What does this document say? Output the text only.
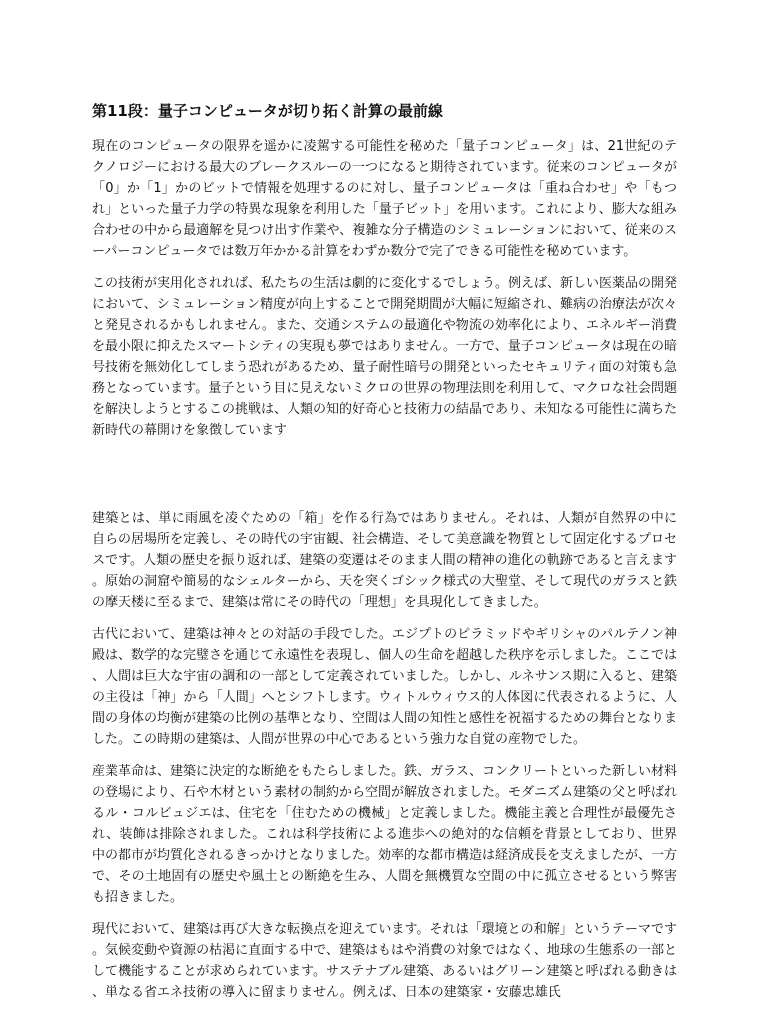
第11段：量子コンピュータが切り拓く計算の最前線

現在のコンピュータの限界を遥かに凌駕する可能性を秘めた「量子コンピュータ」は、21世紀のテクノロジーにおける最大のブレークスルーの一つになると期待されています。従来のコンピュータが「0」か「1」かのビットで情報を処理するのに対し、量子コンピュータは「重ね合わせ」や「もつれ」といった量子力学の特異な現象を利用した「量子ビット」を用います。これにより、膨大な組み合わせの中から最適解を見つけ出す作業や、複雑な分子構造のシミュレーションにおいて、従来のスーパーコンピュータでは数万年かかる計算をわずか数分で完了できる可能性を秘めています。

この技術が実用化されれば、私たちの生活は劇的に変化するでしょう。例えば、新しい医薬品の開発において、シミュレーション精度が向上することで開発期間が大幅に短縮され、難病の治療法が次々と発見されるかもしれません。また、交通システムの最適化や物流の効率化により、エネルギー消費を最小限に抑えたスマートシティの実現も夢ではありません。一方で、量子コンピュータは現在の暗号技術を無効化してしまう恐れがあるため、量子耐性暗号の開発といったセキュリティ面の対策も急務となっています。量子という目に見えないミクロの世界の物理法則を利用して、マクロな社会問題を解決しようとするこの挑戦は、人類の知的好奇心と技術力の結晶であり、未知なる可能性に満ちた新時代の幕開けを象徴しています

建築とは、単に雨風を凌ぐための「箱」を作る行為ではありません。それは、人類が自然界の中に自らの居場所を定義し、その時代の宇宙観、社会構造、そして美意識を物質として固定化するプロセスです。人類の歴史を振り返れば、建築の変遷はそのまま人間の精神の進化の軌跡であると言えます。原始の洞窟や簡易的なシェルターから、天を突くゴシック様式の大聖堂、そして現代のガラスと鉄の摩天楼に至るまで、建築は常にその時代の「理想」を具現化してきました。

古代において、建築は神々との対話の手段でした。エジプトのピラミッドやギリシャのパルテノン神殿は、数学的な完璧さを通じて永遠性を表現し、個人の生命を超越した秩序を示しました。ここでは、人間は巨大な宇宙の調和の一部として定義されていました。しかし、ルネサンス期に入ると、建築の主役は「神」から「人間」へとシフトします。ウィトルウィウス的人体図に代表されるように、人間の身体の均衡が建築の比例の基準となり、空間は人間の知性と感性を祝福するための舞台となりました。この時期の建築は、人間が世界の中心であるという強力な自覚の産物でした。

産業革命は、建築に決定的な断絶をもたらしました。鉄、ガラス、コンクリートといった新しい材料の登場により、石や木材という素材の制約から空間が解放されました。モダニズム建築の父と呼ばれるル・コルビュジエは、住宅を「住むための機械」と定義しました。機能主義と合理性が最優先され、装飾は排除されました。これは科学技術による進歩への絶対的な信頼を背景としており、世界中の都市が均質化されるきっかけとなりました。効率的な都市構造は経済成長を支えましたが、一方で、その土地固有の歴史や風土との断絶を生み、人間を無機質な空間の中に孤立させるという弊害も招きました。

現代において、建築は再び大きな転換点を迎えています。それは「環境との和解」というテーマです。気候変動や資源の枯渇に直面する中で、建築はもはや消費の対象ではなく、地球の生態系の一部として機能することが求められています。サステナブル建築、あるいはグリーン建築と呼ばれる動きは、単なる省エネ技術の導入に留まりません。例えば、日本の建築家・安藤忠雄氏
